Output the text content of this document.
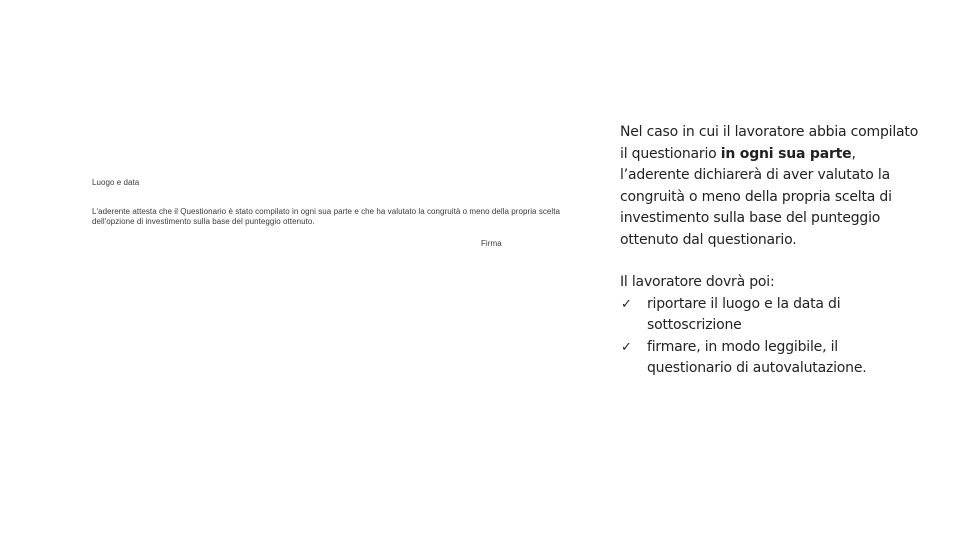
Luogo e data
L'aderente attesta che il Questionario è stato compilato in ogni sua parte e che ha valutato la congruità o meno della propria scelta dell'opzione di investimento sulla base del punteggio ottenuto.
Firma

Nel caso in cui il lavoratore abbia compilato il questionario in ogni sua parte, l’aderente dichiarerà di aver valutato la congruità o meno della propria scelta di investimento sulla base del punteggio ottenuto dal questionario.

Il lavoratore dovrà poi:

✓ riportare il luogo e la data di sottoscrizione
✓ firmare, in modo leggibile, il questionario di autovalutazione.
